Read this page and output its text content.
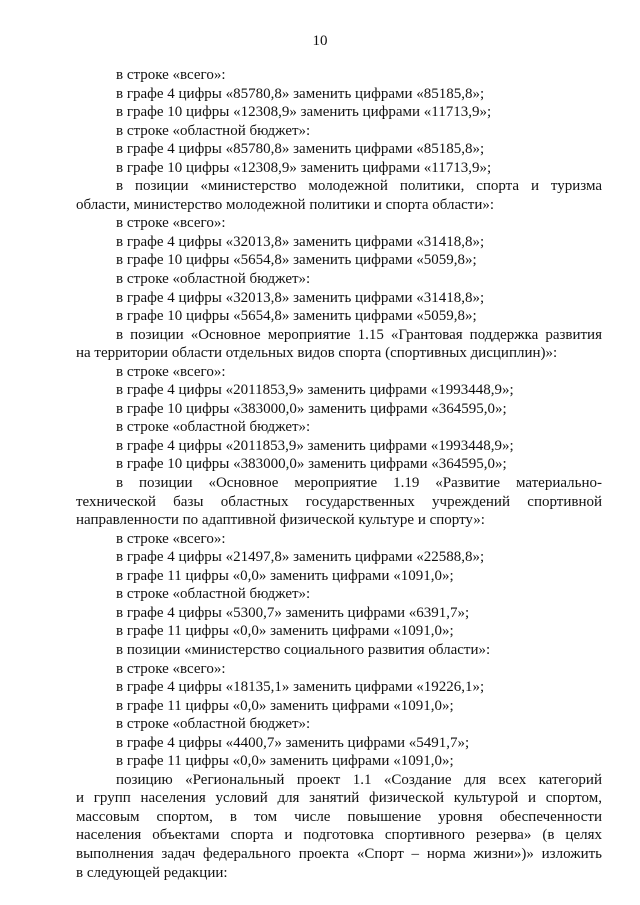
10
в строке «всего»:
в графе 4 цифры «85780,8» заменить цифрами «85185,8»;
в графе 10 цифры «12308,9» заменить цифрами «11713,9»;
в строке «областной бюджет»:
в графе 4 цифры «85780,8» заменить цифрами «85185,8»;
в графе 10 цифры «12308,9» заменить цифрами «11713,9»;
в позиции «министерство молодежной политики, спорта и туризма
области, министерство молодежной политики и спорта области»:
в строке «всего»:
в графе 4 цифры «32013,8» заменить цифрами «31418,8»;
в графе 10 цифры «5654,8» заменить цифрами «5059,8»;
в строке «областной бюджет»:
в графе 4 цифры «32013,8» заменить цифрами «31418,8»;
в графе 10 цифры «5654,8» заменить цифрами «5059,8»;
в позиции «Основное мероприятие 1.15 «Грантовая поддержка развития
на территории области отдельных видов спорта (спортивных дисциплин)»:
в строке «всего»:
в графе 4 цифры «2011853,9» заменить цифрами «1993448,9»;
в графе 10 цифры «383000,0» заменить цифрами «364595,0»;
в строке «областной бюджет»:
в графе 4 цифры «2011853,9» заменить цифрами «1993448,9»;
в графе 10 цифры «383000,0» заменить цифрами «364595,0»;
в позиции «Основное мероприятие 1.19 «Развитие материально-
технической базы областных государственных учреждений спортивной
направленности по адаптивной физической культуре и спорту»:
в строке «всего»:
в графе 4 цифры «21497,8» заменить цифрами «22588,8»;
в графе 11 цифры «0,0» заменить цифрами «1091,0»;
в строке «областной бюджет»:
в графе 4 цифры «5300,7» заменить цифрами «6391,7»;
в графе 11 цифры «0,0» заменить цифрами «1091,0»;
в позиции «министерство социального развития области»:
в строке «всего»:
в графе 4 цифры «18135,1» заменить цифрами «19226,1»;
в графе 11 цифры «0,0» заменить цифрами «1091,0»;
в строке «областной бюджет»:
в графе 4 цифры «4400,7» заменить цифрами «5491,7»;
в графе 11 цифры «0,0» заменить цифрами «1091,0»;
позицию «Региональный проект 1.1 «Создание для всех категорий
и групп населения условий для занятий физической культурой и спортом,
массовым спортом, в том числе повышение уровня обеспеченности
населения объектами спорта и подготовка спортивного резерва» (в целях
выполнения задач федерального проекта «Спорт – норма жизни»)» изложить
в следующей редакции:
